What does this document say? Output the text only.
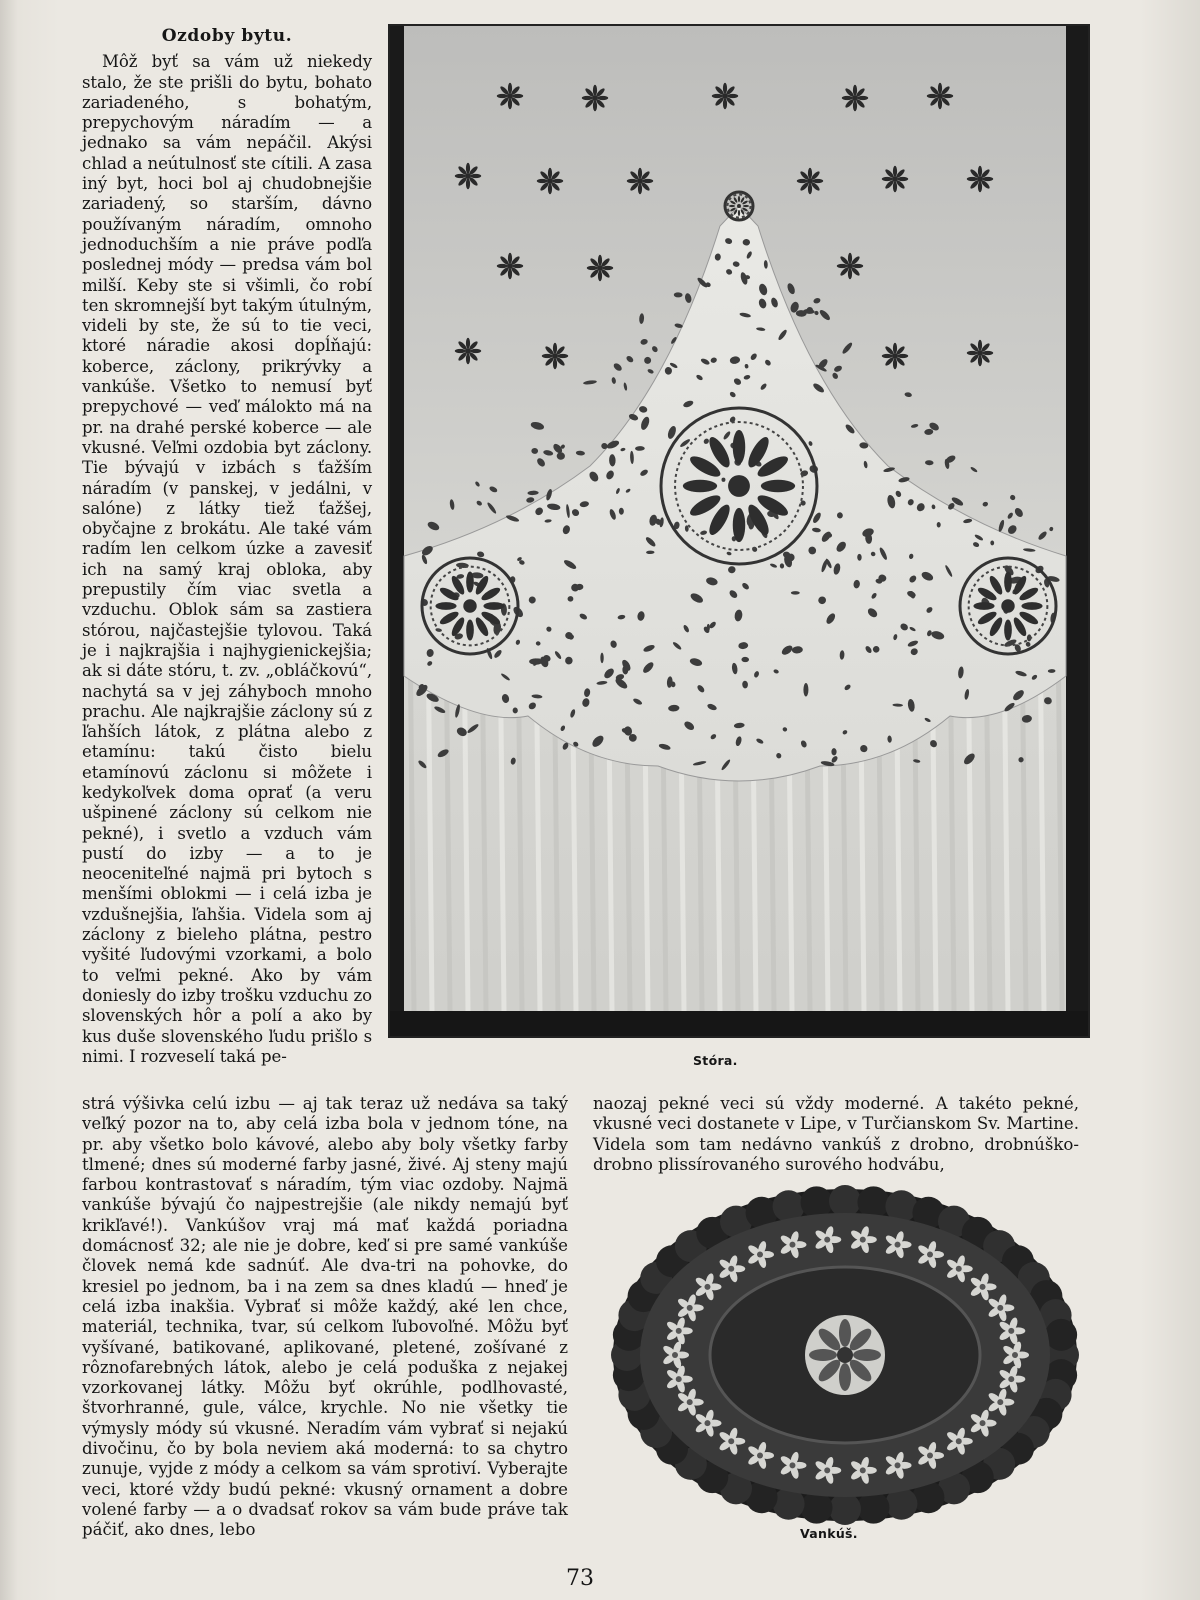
Ozdoby bytu.

Môž byť sa vám už niekedy stalo, že ste prišli do bytu, bohato zariadeného, s bohatým, prepychovým náradím — a jednako sa vám nepáčil. Akýsi chlad a neútulnosť ste cítili. A zasa iný byt, hoci bol aj chudobnejšie zariadený, so starším, dávno používaným náradím, omnoho jednoduchším a nie práve podľa poslednej módy — predsa vám bol milší. Keby ste si všimli, čo robí ten skromnejší byt takým útulným, videli by ste, že sú to tie veci, ktoré náradie akosi dopĺňajú: koberce, záclony, prikrývky a vankúše. Všetko to nemusí byť prepychové — veď málokto má na pr. na drahé perské koberce — ale vkusné. Veľmi ozdobia byt záclony. Tie bývajú v izbách s ťažším náradím (v panskej, v jedálni, v salóne) z látky tiež ťažšej, obyčajne z brokátu. Ale také vám radím len celkom úzke a zavesiť ich na samý kraj obloka, aby prepustily čím viac svetla a vzduchu. Oblok sám sa zastiera stórou, najčastejšie tylovou. Taká je i najkrajšia i najhygienickejšia; ak si dáte stóru, t. zv. „obláčkovú“, nachytá sa v jej záhyboch mnoho prachu. Ale najkrajšie záclony sú z ľahších látok, z plátna alebo z etamínu: takú čisto bielu etamínovú záclonu si môžete i kedykoľvek doma oprať (a veru ušpinené záclony sú celkom nie pekné), i svetlo a vzduch vám pustí do izby — a to je neoceniteľné najmä pri bytoch s menšími oblokmi — i celá izba je vzdušnejšia, ľahšia. Videla som aj záclony z bieleho plátna, pestro vyšité ľudovými vzorkami, a bolo to veľmi pekné. Ako by vám doniesly do izby trošku vzduchu zo slovenských hôr a polí a ako by kus duše slovenského ľudu prišlo s nimi. I rozveselí taká pe-	Stóra.

strá výšivka celú izbu — aj tak teraz už nedáva sa taký veľký pozor na to, aby celá izba bola v jednom tóne, na pr. aby všetko bolo kávové, alebo aby boly všetky farby tlmené; dnes sú moderné farby jasné, živé. Aj steny majú farbou kontrastovať s náradím, tým viac ozdoby. Najmä vankúše bývajú čo najpestrejšie (ale nikdy nemajú byť krikľavé!). Vankúšov vraj má mať každá poriadna domácnosť 32; ale nie je dobre, keď si pre samé vankúše človek nemá kde sadnúť. Ale dva-tri na pohovke, do kresiel po jednom, ba i na zem sa dnes kladú — hneď je celá izba inakšia. Vybrať si môže každý, aké len chce, materiál, technika, tvar, sú celkom ľubovoľné. Môžu byť vyšívané, batikované, aplikované, pletené, zošívané z rôznofarebných látok, alebo je celá poduška z nejakej vzorkovanej látky. Môžu byť okrúhle, podlhovasté, štvorhranné, gule, válce, krychle. No nie všetky tie výmysly módy sú vkusné. Neradím vám vybrať si nejakú divočinu, čo by bola neviem aká moderná: to sa chytro zunuje, vyjde z módy a celkom sa vám sprotiví. Vyberajte veci, ktoré vždy budú pekné: vkusný ornament a dobre volené farby — a o dvadsať rokov sa vám bude práve tak páčiť, ako dnes, lebo

naozaj pekné veci sú vždy moderné. A takéto pekné, vkusné veci dostanete v Lipe, v Turčianskom Sv. Martine. Videla som tam nedávno vankúš z drobno, drobnúško-drobno plissírovaného surového hodvábu,

Vankúš.
73
